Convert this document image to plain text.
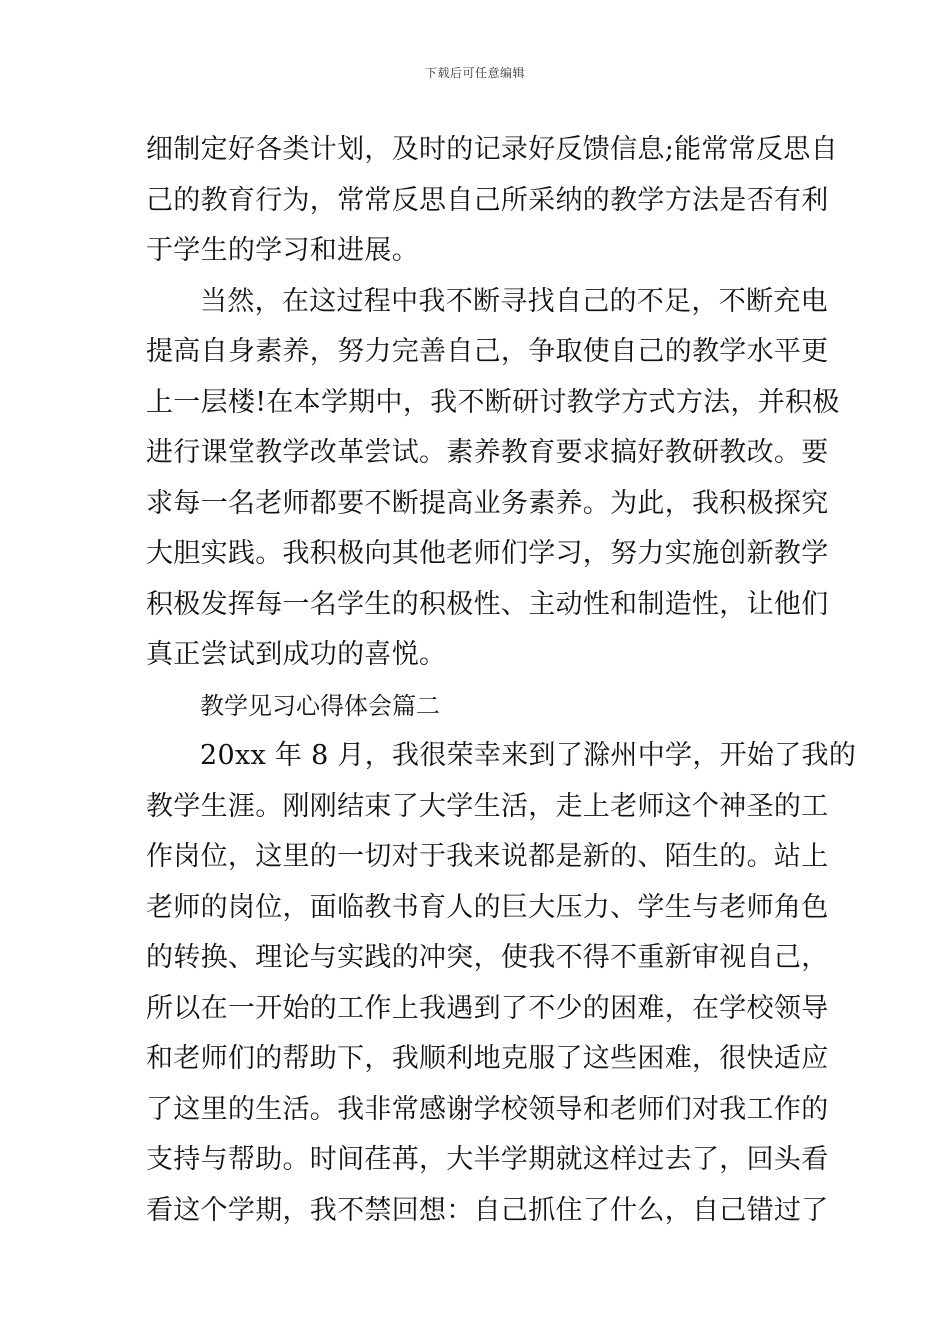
下载后可任意编辑
细制定好各类计划，及时的记录好反馈信息;能常常反思自
己的教育行为，常常反思自己所采纳的教学方法是否有利
于学生的学习和进展。
当然，在这过程中我不断寻找自己的不足，不断充电
提高自身素养，努力完善自己，争取使自己的教学水平更
上一层楼!在本学期中，我不断研讨教学方式方法，并积极
进行课堂教学改革尝试。素养教育要求搞好教研教改。要
求每一名老师都要不断提高业务素养。为此，我积极探究
大胆实践。我积极向其他老师们学习，努力实施创新教学
积极发挥每一名学生的积极性、主动性和制造性，让他们
真正尝试到成功的喜悦。
教学见习心得体会篇二
20xx 年 8 月，我很荣幸来到了滁州中学，开始了我的
教学生涯。刚刚结束了大学生活，走上老师这个神圣的工
作岗位，这里的一切对于我来说都是新的、陌生的。站上
老师的岗位，面临教书育人的巨大压力、学生与老师角色
的转换、理论与实践的冲突，使我不得不重新审视自己，
所以在一开始的工作上我遇到了不少的困难，在学校领导
和老师们的帮助下，我顺利地克服了这些困难，很快适应
了这里的生活。我非常感谢学校领导和老师们对我工作的
支持与帮助。时间荏苒，大半学期就这样过去了，回头看
看这个学期，我不禁回想：自己抓住了什么，自己错过了
